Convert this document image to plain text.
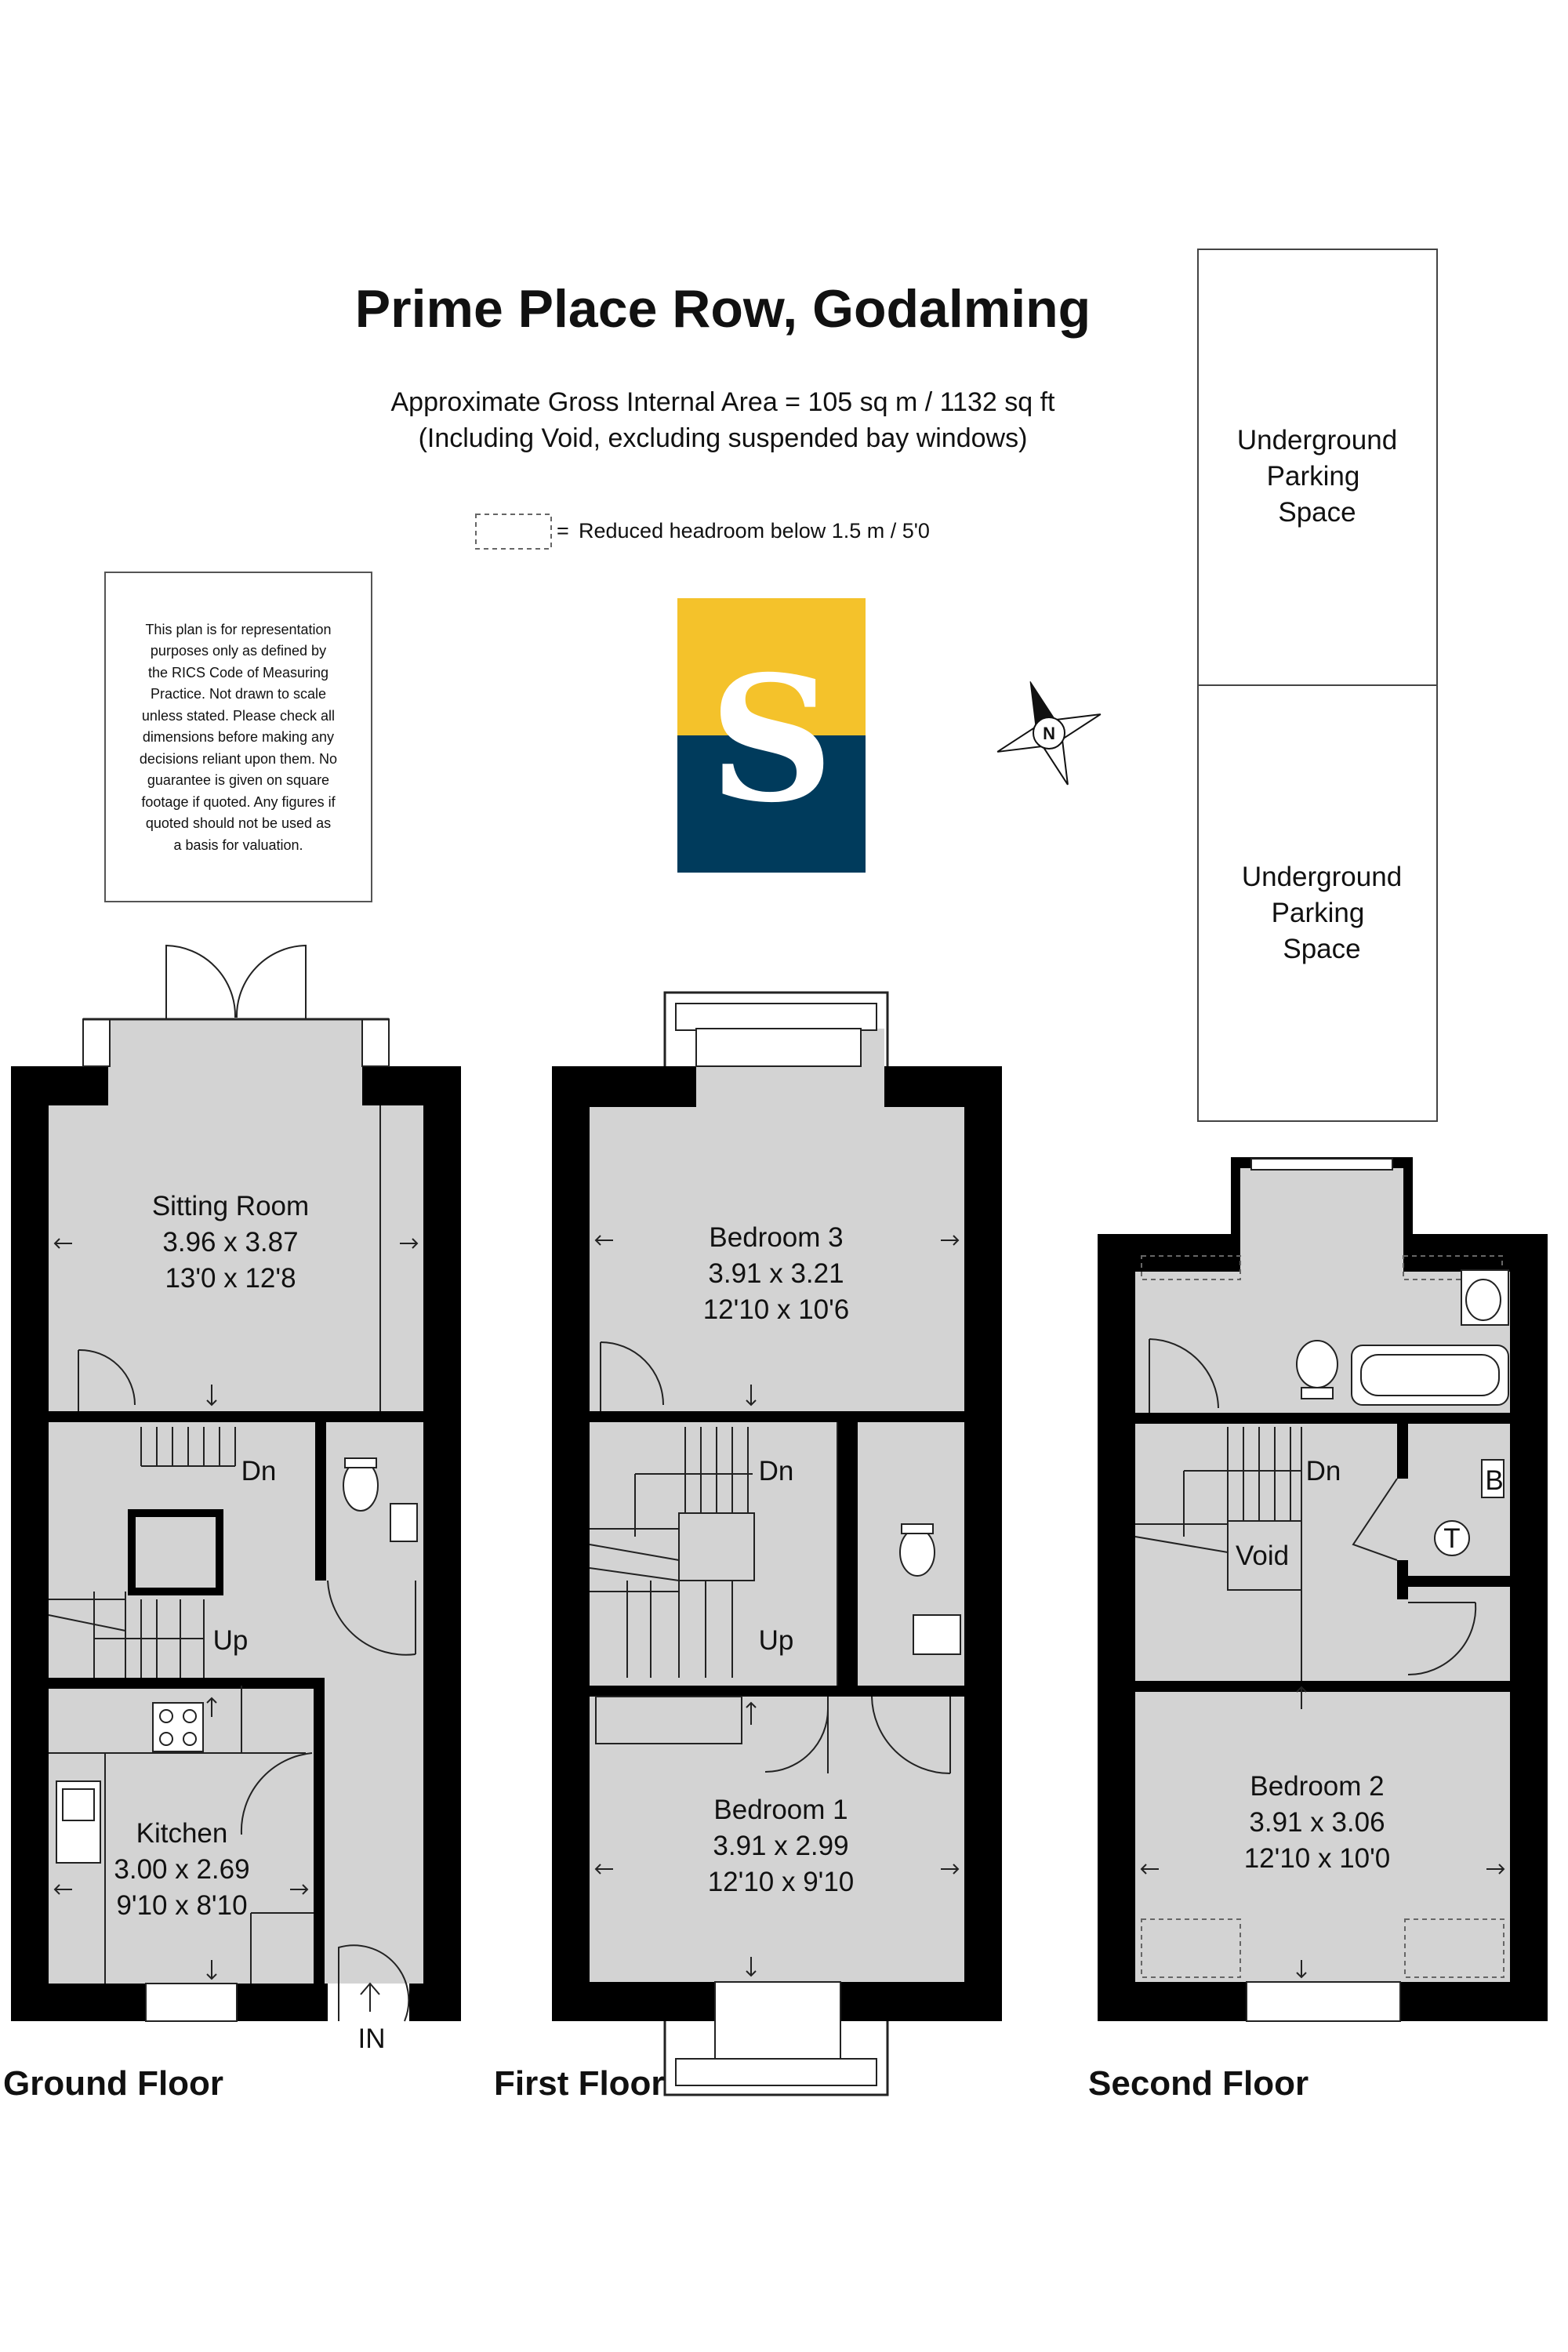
Prime Place Row, Godalming
Approximate Gross Internal Area = 105 sq m / 1132 sq ft
(Including Void, excluding suspended bay windows)
= Reduced headroom below 1.5 m / 5'0
This plan is for representation
purposes only as defined by
the RICS Code of Measuring
Practice. Not drawn to scale
unless stated. Please check all
dimensions before making any
decisions reliant upon them. No
guarantee is given on square
footage if quoted. Any figures if
quoted should not be used as
a basis for valuation.
S	N
Underground
Parking
Space
Underground
Parking
Space
Sitting Room
3.96 x 3.87
13'0 x 12'8
Kitchen
3.00 x 2.69
9'10 x 8'10
Dn
Up
IN
Ground Floor
Bedroom 3
3.91 x 3.21
12'10 x 10'6
Bedroom 1
3.91 x 2.99
12'10 x 9'10
Dn
Up
First Floor
Bedroom 2
3.91 x 3.06
12'10 x 10'0
Dn
Void
B
T
Second Floor
